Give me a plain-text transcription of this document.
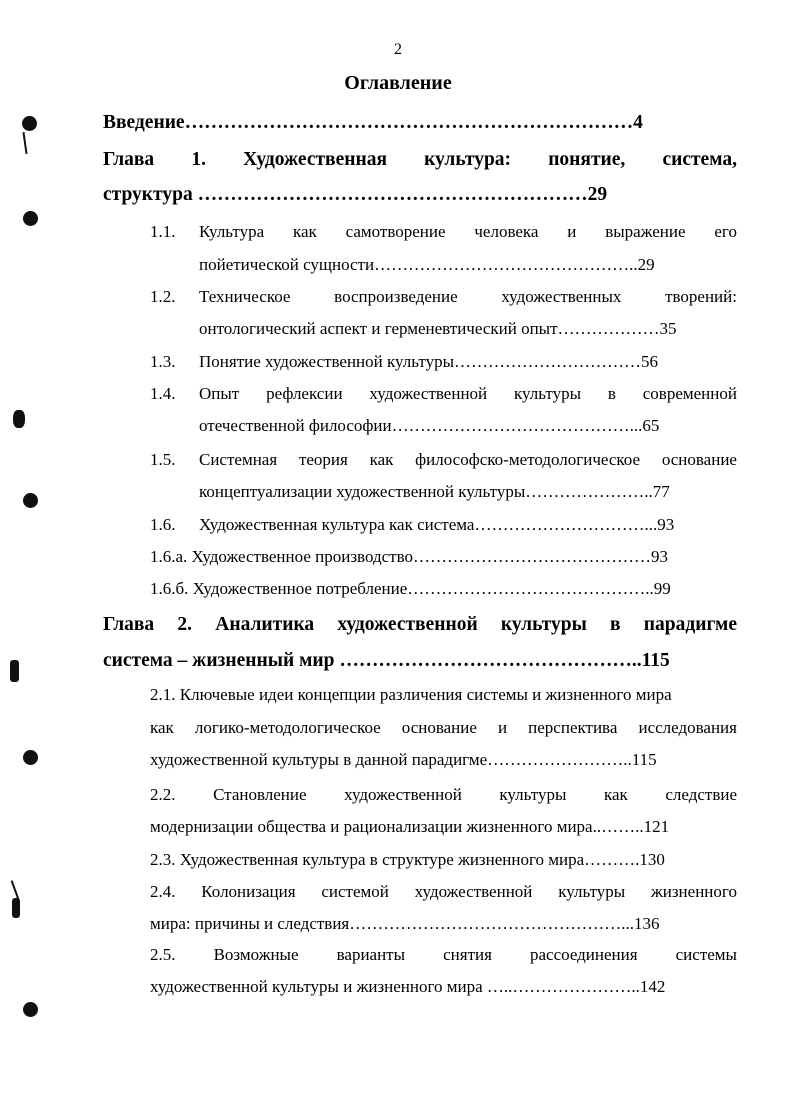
2
Оглавление
Введение……………………………………………………………4
Глава 1. Художественная культура: понятие, система,
структура ……………………………………………………29
1.1.	Культура как самотворение человека и выражение его
пойетической сущности………………………………………..29
1.2.	Техническое	воспроизведение	художественных	творений:
онтологический аспект и герменевтический опыт………………35
1.3.	Понятие художественной культуры……………………………56
1.4.	Опыт рефлексии художественной культуры в современной
отечественной философии……………………………………...65
1.5.	Системная теория как философско-методологическое основание
концептуализации художественной культуры…………………..77
1.6.	Художественная культура как система…………………………...93
1.6.а. Художественное производство……………………………………93
1.6.б. Художественное потребление……………………………………..99
Глава 2. Аналитика художественной культуры в парадигме
система – жизненный мир ………………………………………..115
2.1. Ключевые идеи концепции различения системы и жизненного мира
как логико-методологическое основание и перспектива исследования
художественной культуры в данной парадигме……………………..115
2.2. Становление художественной культуры как следствие
модернизации общества и рационализации жизненного мира..……..121
2.3. Художественная культура в структуре жизненного мира……….130
2.4. Колонизация системой художественной культуры жизненного
мира: причины и следствия…………………………………………...136
2.5. Возможные варианты снятия рассоединения системы
художественной культуры и жизненного мира …..…………………..142
